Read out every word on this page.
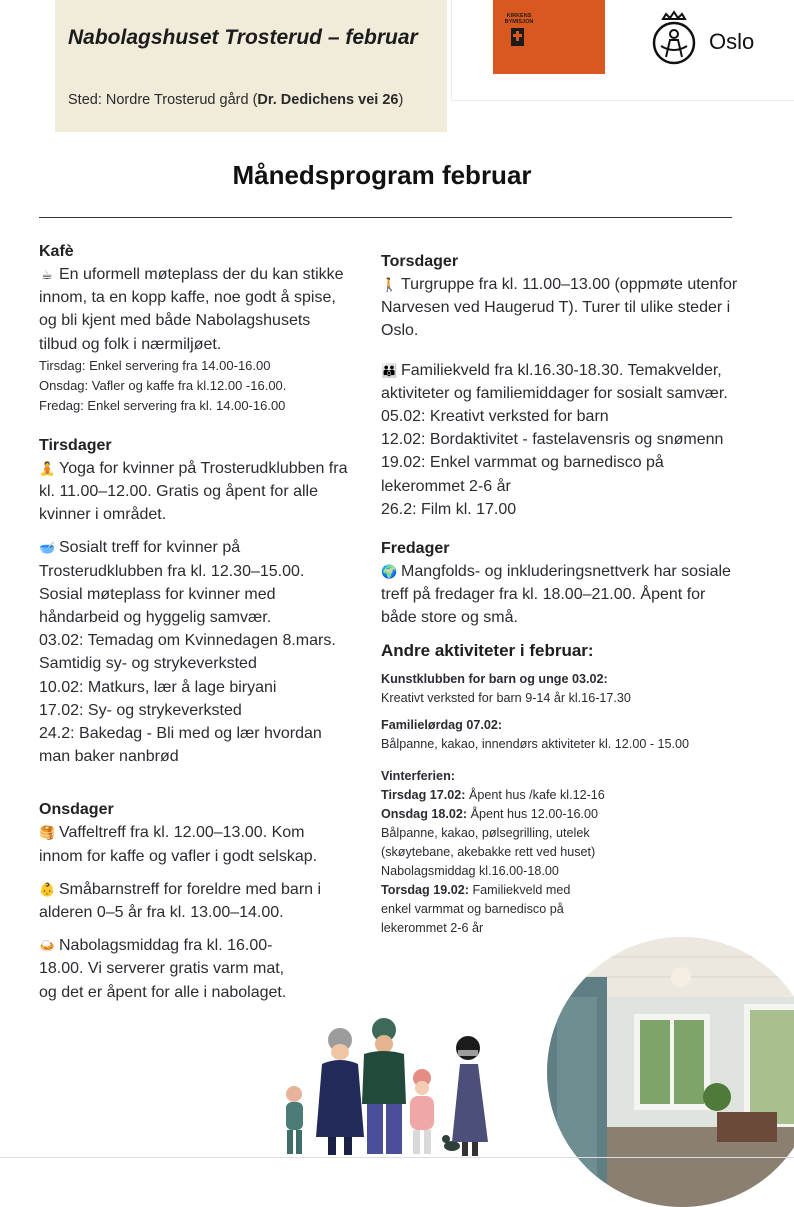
Nabolagshuset Trosterud – februar
Sted: Nordre Trosterud gård (Dr. Dedichens vei 26)
KIRKENS BYMISJON
Oslo
Månedsprogram februar
Kafè

☕ En uformell møteplass der du kan stikke innom, ta en kopp kaffe, noe godt å spise, og bli kjent med både Nabolagshusets tilbud og folk i nærmiljøet.

Tirsdag: Enkel servering fra 14.00-16.00

Onsdag: Vafler og kaffe fra kl.12.00 -16.00.

Fredag: Enkel servering fra kl. 14.00-16.00

Tirsdager

🧘 Yoga for kvinner på Trosterudklubben fra kl. 11.00–12.00. Gratis og åpent for alle kvinner i området.

🥣 Sosialt treff for kvinner på Trosterudklubben fra kl. 12.30–15.00. Sosial møteplass for kvinner med håndarbeid og hyggelig samvær.

03.02: Temadag om Kvinnedagen 8.mars. Samtidig sy- og strykeverksted

10.02: Matkurs, lær å lage biryani

17.02: Sy- og strykeverksted

24.2: Bakedag - Bli med og lær hvordan man baker nanbrød

Onsdager

🥞 Vaffeltreff fra kl. 12.00–13.00. Kom innom for kaffe og vafler i godt selskap.

👶 Småbarnstreff for foreldre med barn i alderen 0–5 år fra kl. 13.00–14.00.

🍛 Nabolagsmiddag fra kl. 16.00-18.00. Vi serverer gratis varm mat, og det er åpent for alle i nabolaget.

Torsdager

🚶 Turgruppe fra kl. 11.00–13.00 (oppmøte utenfor Narvesen ved Haugerud T). Turer til ulike steder i Oslo.

👪 Familiekveld fra kl.16.30-18.30. Temakvelder, aktiviteter og familiemiddager for sosialt samvær.

05.02: Kreativt verksted for barn

12.02: Bordaktivitet - fastelavensris og snømenn

19.02: Enkel varmmat og barnedisco på lekerommet 2-6 år

26.2: Film kl. 17.00

Fredager

🌍 Mangfolds- og inkluderingsnettverk har sosiale treff på fredager fra kl. 18.00–21.00. Åpent for både store og små.

Andre aktiviteter i februar:

Kunstklubben for barn og unge 03.02:

Kreativt verksted for barn 9-14 år kl.16-17.30

Familielørdag 07.02:

Bålpanne, kakao, innendørs aktiviteter kl. 12.00 - 15.00

Vinterferien:

Tirsdag 17.02: Åpent hus /kafe kl.12-16

Onsdag 18.02: Åpent hus 12.00-16.00

Bålpanne, kakao, pølsegrilling, utelek (skøytebane, akebakke rett ved huset) Nabolagsmiddag kl.16.00-18.00

Torsdag 19.02: Familiekveld med enkel varmmat og barnedisco på lekerommet 2-6 år
